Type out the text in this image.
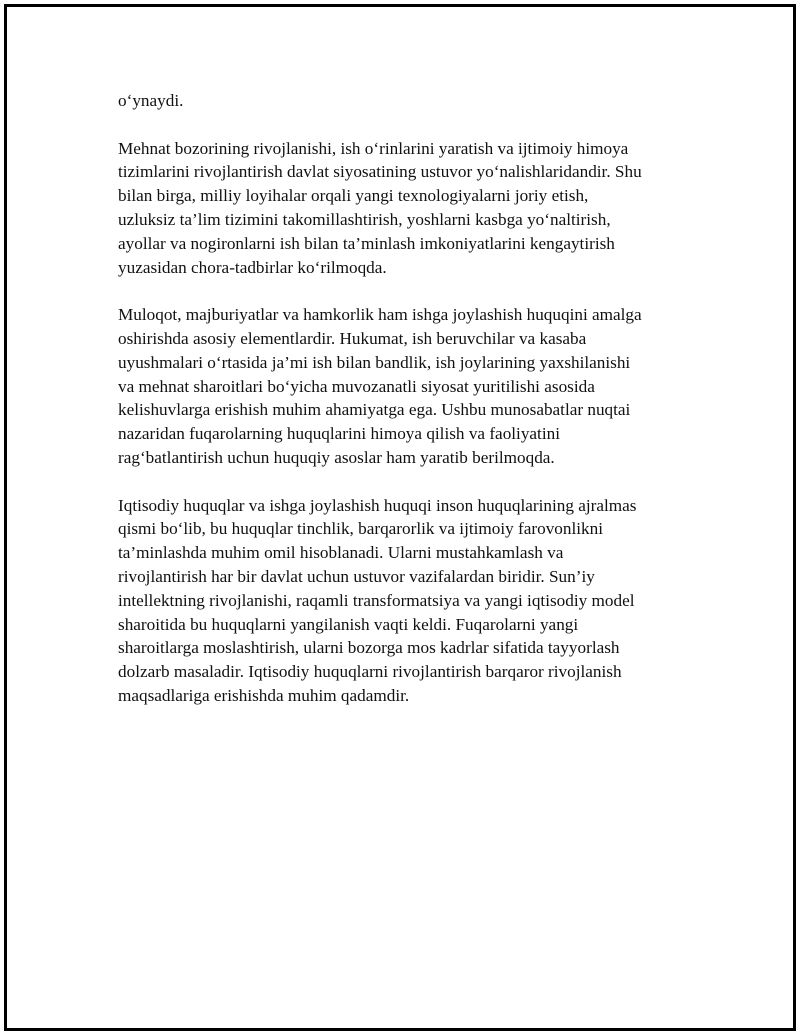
o‘ynaydi.

Mehnat bozorining rivojlanishi, ish o‘rinlarini yaratish va ijtimoiy himoya
tizimlarini rivojlantirish davlat siyosatining ustuvor yo‘nalishlaridandir. Shu
bilan birga, milliy loyihalar orqali yangi texnologiyalarni joriy etish,
uzluksiz ta’lim tizimini takomillashtirish, yoshlarni kasbga yo‘naltirish,
ayollar va nogironlarni ish bilan ta’minlash imkoniyatlarini kengaytirish
yuzasidan chora-tadbirlar ko‘rilmoqda.

Muloqot, majburiyatlar va hamkorlik ham ishga joylashish huquqini amalga
oshirishda asosiy elementlardir. Hukumat, ish beruvchilar va kasaba
uyushmalari o‘rtasida ja’mi ish bilan bandlik, ish joylarining yaxshilanishi
va mehnat sharoitlari bo‘yicha muvozanatli siyosat yuritilishi asosida
kelishuvlarga erishish muhim ahamiyatga ega. Ushbu munosabatlar nuqtai
nazaridan fuqarolarning huquqlarini himoya qilish va faoliyatini
rag‘batlantirish uchun huquqiy asoslar ham yaratib berilmoqda.

Iqtisodiy huquqlar va ishga joylashish huquqi inson huquqlarining ajralmas
qismi bo‘lib, bu huquqlar tinchlik, barqarorlik va ijtimoiy farovonlikni
ta’minlashda muhim omil hisoblanadi. Ularni mustahkamlash va
rivojlantirish har bir davlat uchun ustuvor vazifalardan biridir. Sun’iy
intellektning rivojlanishi, raqamli transformatsiya va yangi iqtisodiy model
sharoitida bu huquqlarni yangilanish vaqti keldi. Fuqarolarni yangi
sharoitlarga moslashtirish, ularni bozorga mos kadrlar sifatida tayyorlash
dolzarb masaladir. Iqtisodiy huquqlarni rivojlantirish barqaror rivojlanish
maqsadlariga erishishda muhim qadamdir.
